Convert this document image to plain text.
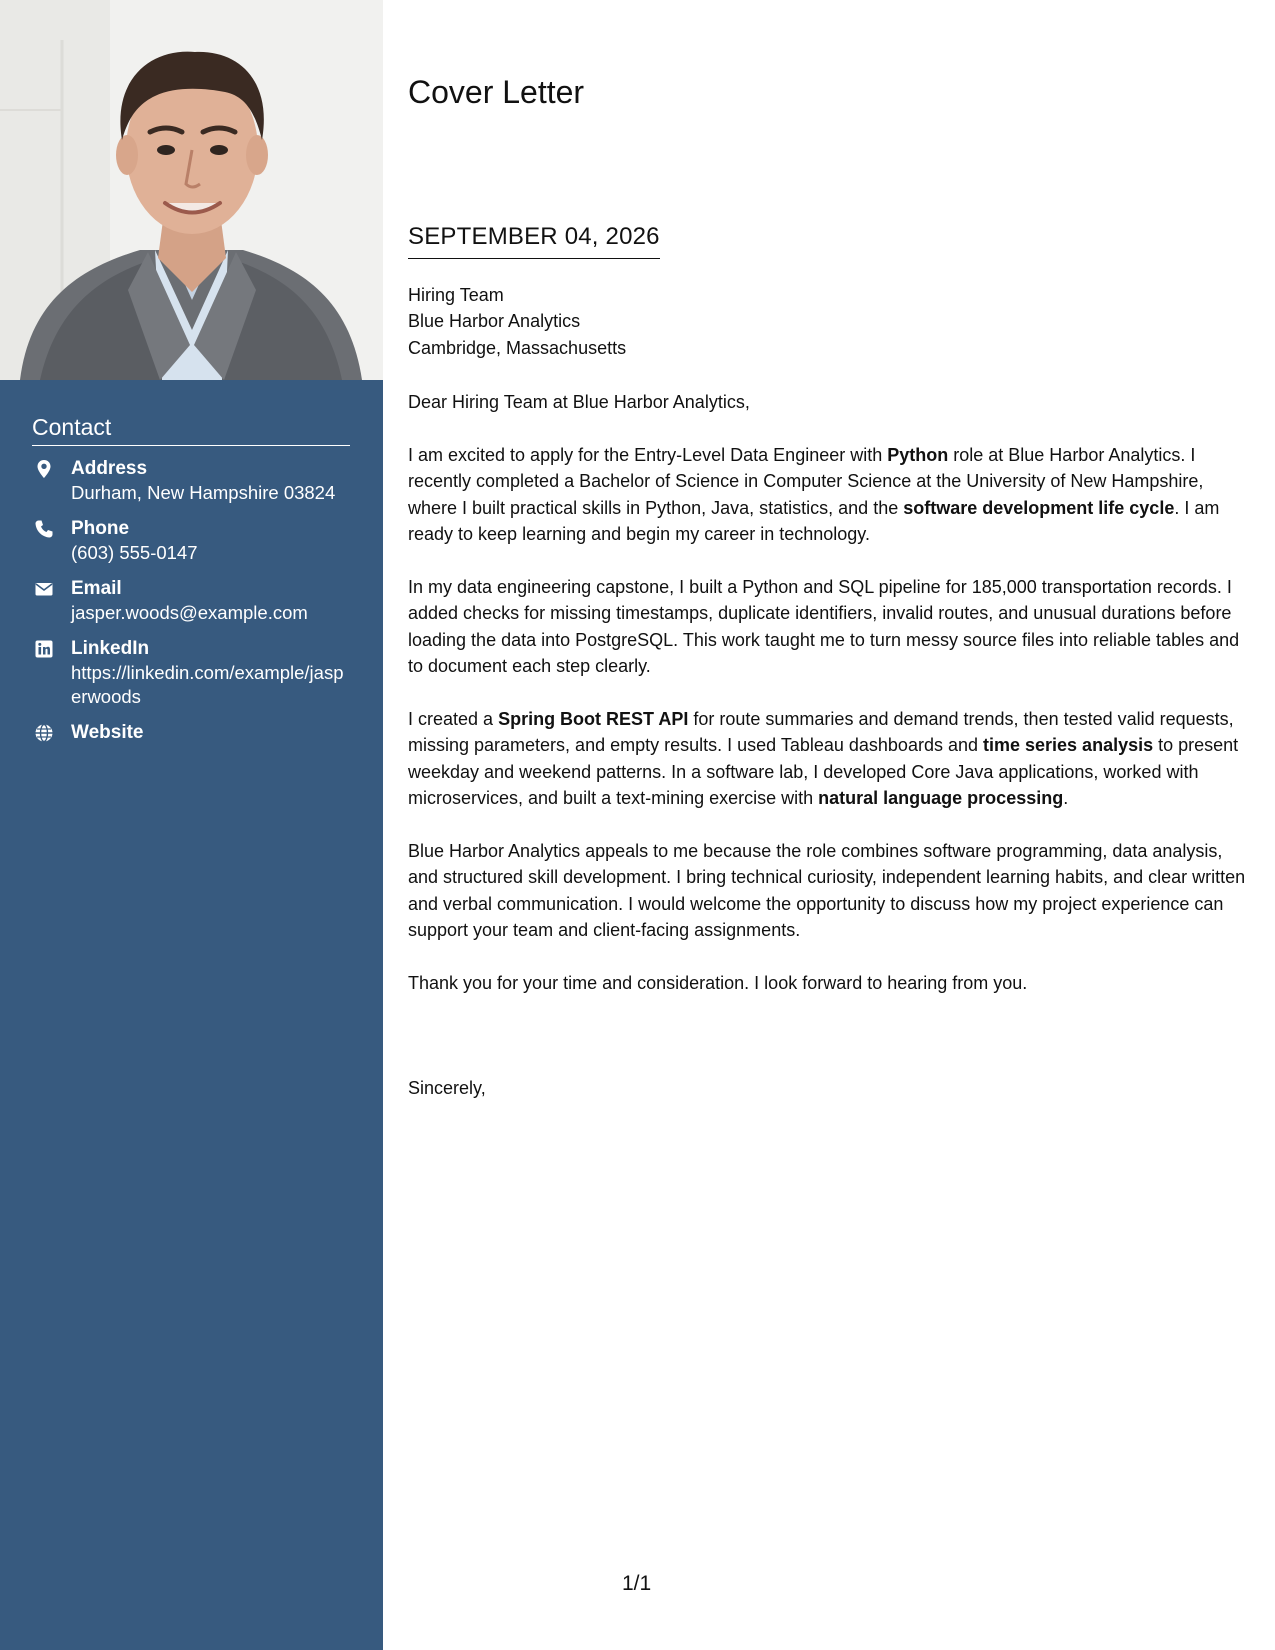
Contact
Address
Durham, New Hampshire 03824
Phone
(603) 555-0147
Email
jasper.woods@example.com
LinkedIn
https://linkedin.com/example/jasperwoods
Website
Cover Letter
SEPTEMBER 04, 2026
Hiring Team
Blue Harbor Analytics
Cambridge, Massachusetts

Dear Hiring Team at Blue Harbor Analytics,

I am excited to apply for the Entry-Level Data Engineer with Python role at Blue Harbor Analytics. I recently completed a Bachelor of Science in Computer Science at the University of New Hampshire, where I built practical skills in Python, Java, statistics, and the software development life cycle. I am ready to keep learning and begin my career in technology.

In my data engineering capstone, I built a Python and SQL pipeline for 185,000 transportation records. I added checks for missing timestamps, duplicate identifiers, invalid routes, and unusual durations before loading the data into PostgreSQL. This work taught me to turn messy source files into reliable tables and to document each step clearly.

I created a Spring Boot REST API for route summaries and demand trends, then tested valid requests, missing parameters, and empty results. I used Tableau dashboards and time series analysis to present weekday and weekend patterns. In a software lab, I developed Core Java applications, worked with microservices, and built a text-mining exercise with natural language processing.

Blue Harbor Analytics appeals to me because the role combines software programming, data analysis, and structured skill development. I bring technical curiosity, independent learning habits, and clear written and verbal communication. I would welcome the opportunity to discuss how my project experience can support your team and client-facing assignments.

Thank you for your time and consideration. I look forward to hearing from you.

Sincerely,
1/1
